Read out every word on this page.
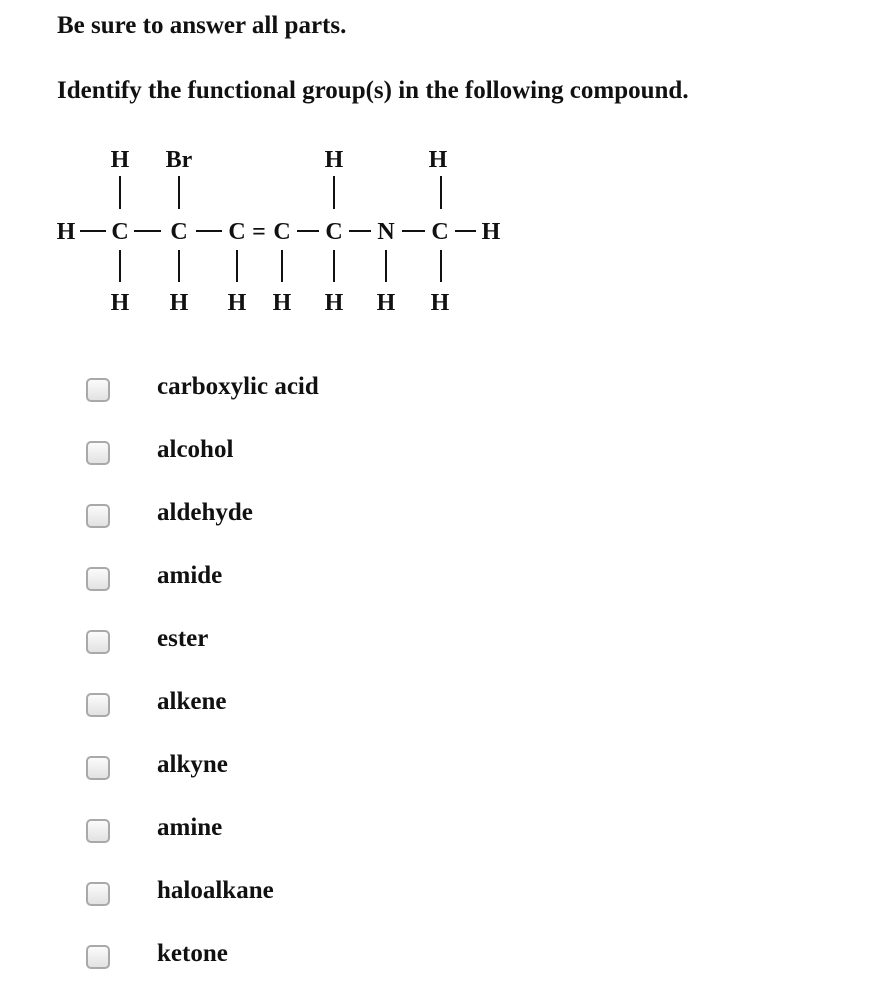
Be sure to answer all parts.

Identify the functional group(s) in the following compound.

H Br	H	H
H C C C C C N C H
=
H H H H H H H
carboxylic acid
alcohol
aldehyde
amide
ester
alkene
alkyne
amine
haloalkane
ketone
